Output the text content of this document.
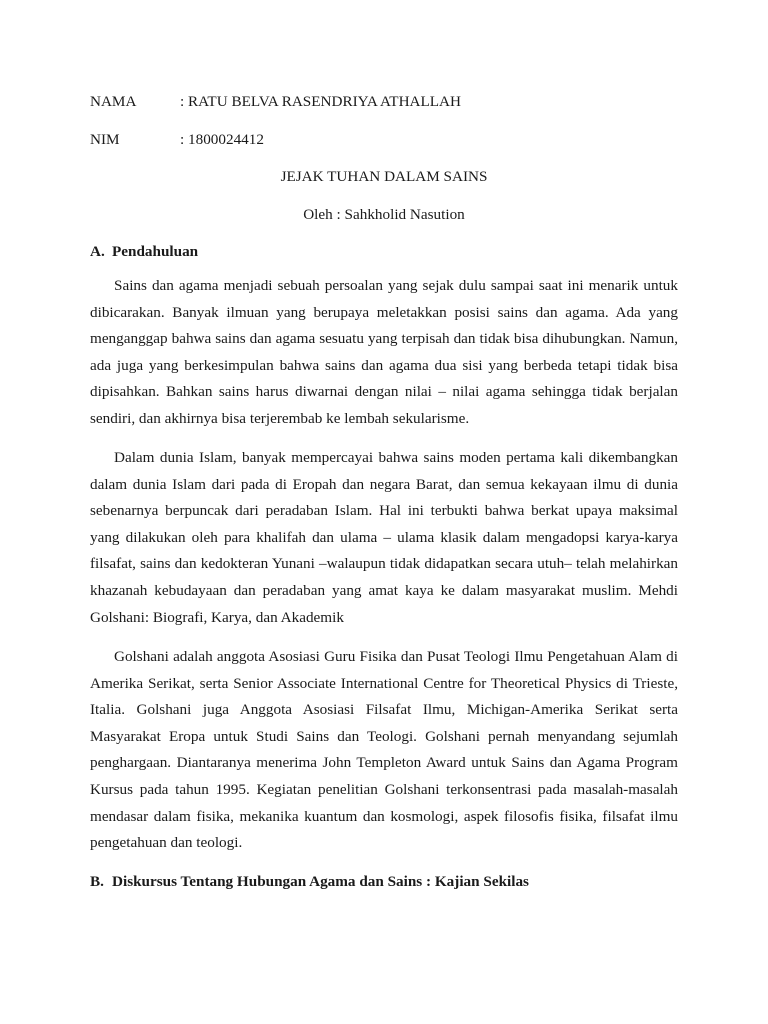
NAMA	: RATU BELVA RASENDRIYA ATHALLAH
NIM	: 1800024412
JEJAK TUHAN DALAM SAINS
Oleh : Sahkholid Nasution
A. Pendahuluan

Sains dan agama menjadi sebuah persoalan yang sejak dulu sampai saat ini menarik untuk dibicarakan. Banyak ilmuan yang berupaya meletakkan posisi sains dan agama. Ada yang menganggap bahwa sains dan agama sesuatu yang terpisah dan tidak bisa dihubungkan. Namun, ada juga yang berkesimpulan bahwa sains dan agama dua sisi yang berbeda tetapi tidak bisa dipisahkan. Bahkan sains harus diwarnai dengan nilai – nilai agama sehingga tidak berjalan sendiri, dan akhirnya bisa terjerembab ke lembah sekularisme.

Dalam dunia Islam, banyak mempercayai bahwa sains moden pertama kali dikembangkan dalam dunia Islam dari pada di Eropah dan negara Barat, dan semua kekayaan ilmu di dunia sebenarnya berpuncak dari peradaban Islam. Hal ini terbukti bahwa berkat upaya maksimal yang dilakukan oleh para khalifah dan ulama – ulama klasik dalam mengadopsi karya-karya filsafat, sains dan kedokteran Yunani –walaupun tidak didapatkan secara utuh– telah melahirkan khazanah kebudayaan dan peradaban yang amat kaya ke dalam masyarakat muslim. Mehdi Golshani: Biografi, Karya, dan Akademik

Golshani adalah anggota Asosiasi Guru Fisika dan Pusat Teologi Ilmu Pengetahuan Alam di Amerika Serikat, serta Senior Associate International Centre for Theoretical Physics di Trieste, Italia. Golshani juga Anggota Asosiasi Filsafat Ilmu, Michigan-Amerika Serikat serta Masyarakat Eropa untuk Studi Sains dan Teologi. Golshani pernah menyandang sejumlah penghargaan. Diantaranya menerima John Templeton Award untuk Sains dan Agama Program Kursus pada tahun 1995. Kegiatan penelitian Golshani terkonsentrasi pada masalah-masalah mendasar dalam fisika, mekanika kuantum dan kosmologi, aspek filosofis fisika, filsafat ilmu pengetahuan dan teologi.

B. Diskursus Tentang Hubungan Agama dan Sains : Kajian Sekilas
